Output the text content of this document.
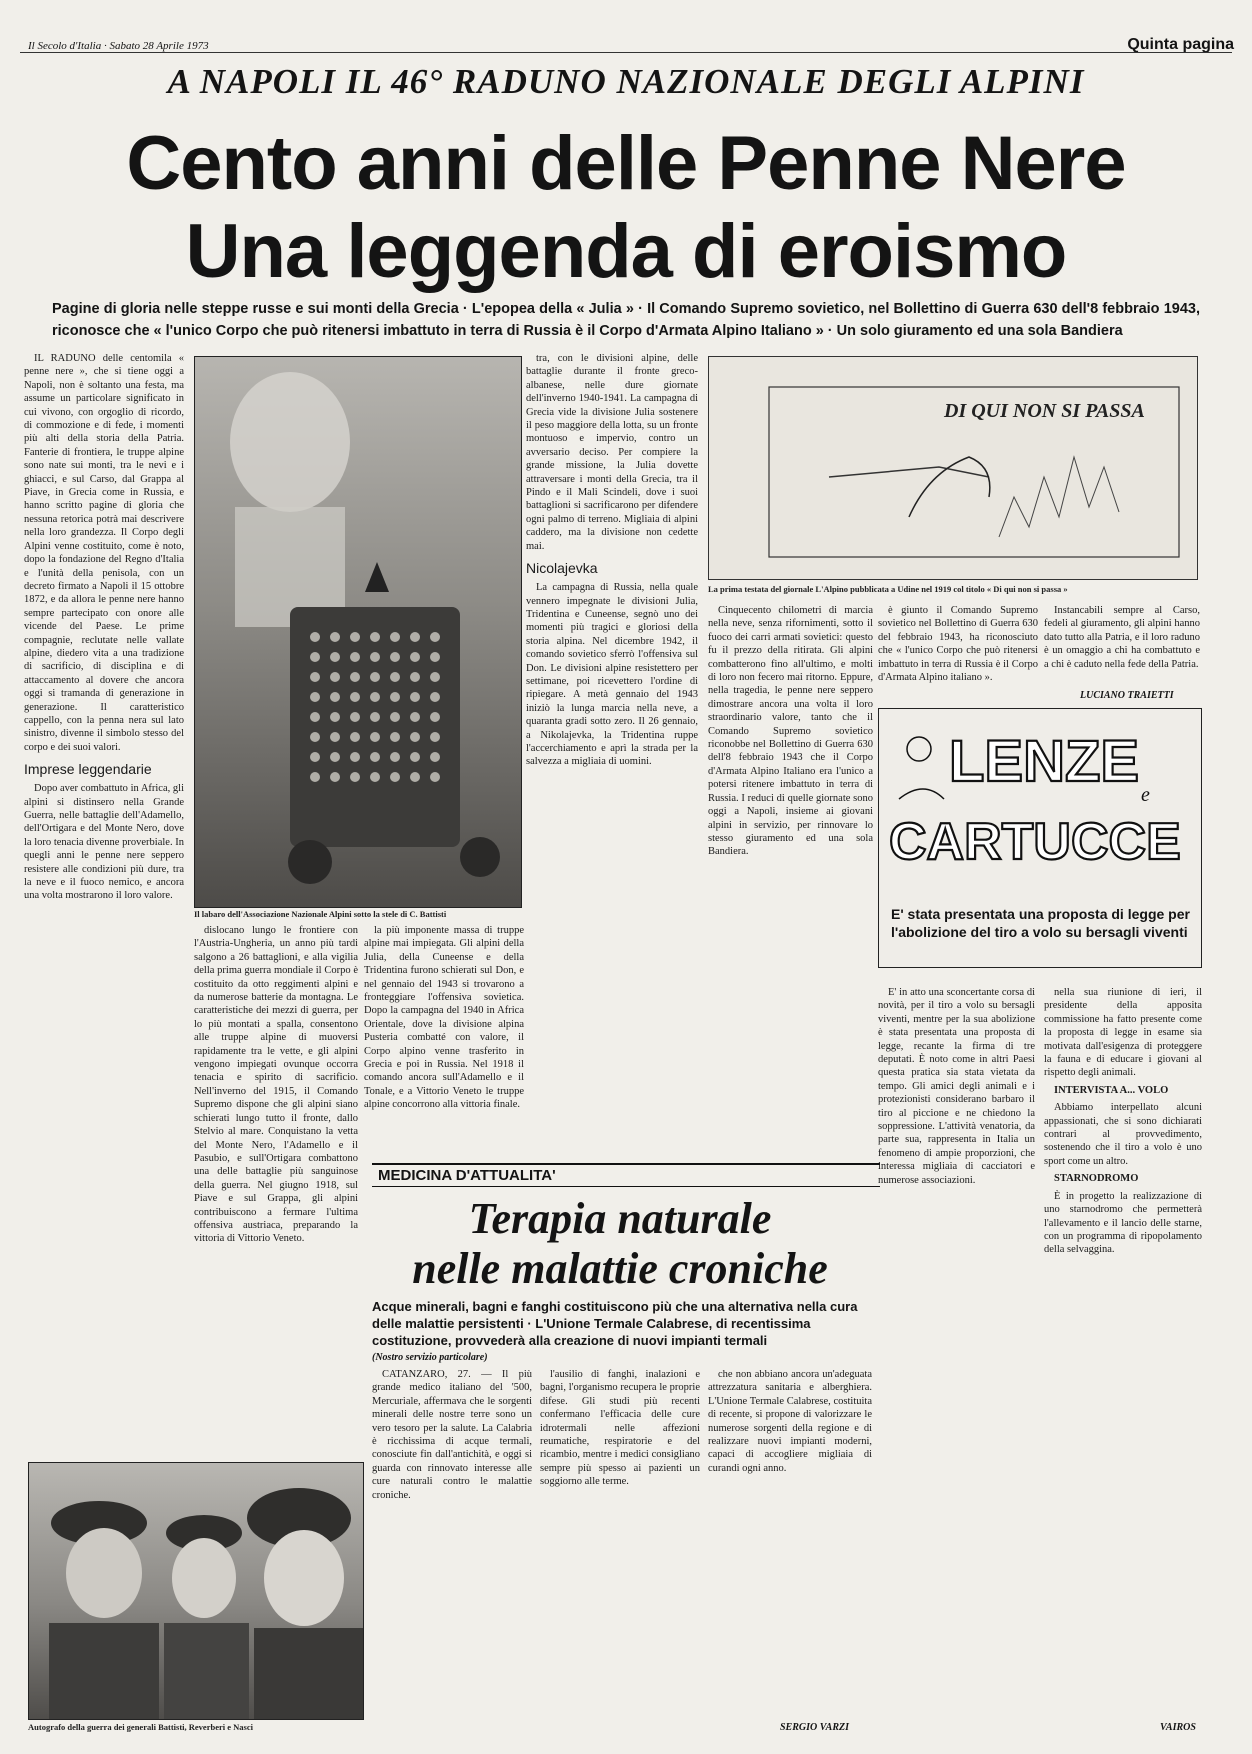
Il Secolo d'Italia · Sabato 28 Aprile 1973	Quinta pagina
A NAPOLI IL 46° RADUNO NAZIONALE DEGLI ALPINI
Cento anni delle Penne Nere
Una leggenda di eroismo
Pagine di gloria nelle steppe russe e sui monti della Grecia · L'epopea della « Julia » · Il Comando Supremo sovietico, nel Bollettino di Guerra 630 dell'8 febbraio 1943, riconosce che « l'unico Corpo che può ritenersi imbattuto in terra di Russia è il Corpo d'Armata Alpino Italiano » · Un solo giuramento ed una sola Bandiera

IL RADUNO delle centomila « penne nere », che si tiene oggi a Napoli, non è soltanto una festa, ma assume un particolare significato in cui vivono, con orgoglio di ricordo, di commozione e di fede, i momenti più alti della storia della Patria. Fanterie di frontiera, le truppe alpine sono nate sui monti, tra le nevi e i ghiacci, e sul Carso, dal Grappa al Piave, in Grecia come in Russia, e hanno scritto pagine di gloria che nessuna retorica potrà mai descrivere nella loro grandezza. Il Corpo degli Alpini venne costituito, come è noto, dopo la fondazione del Regno d'Italia e l'unità della penisola, con un decreto firmato a Napoli il 15 ottobre 1872, e da allora le penne nere hanno sempre partecipato con onore alle vicende del Paese. Le prime compagnie, reclutate nelle vallate alpine, diedero vita a una tradizione di sacrificio, di disciplina e di attaccamento al dovere che ancora oggi si tramanda di generazione in generazione. Il caratteristico cappello, con la penna nera sul lato sinistro, divenne il simbolo stesso del corpo e dei suoi valori.

Imprese leggendarie

Dopo aver combattuto in Africa, gli alpini si distinsero nella Grande Guerra, nelle battaglie dell'Adamello, dell'Ortigara e del Monte Nero, dove la loro tenacia divenne proverbiale. In quegli anni le penne nere seppero resistere alle condizioni più dure, tra la neve e il fuoco nemico, e ancora una volta mostrarono il loro valore.

Il labaro dell'Associazione Nazionale Alpini sotto la stele di C. Battisti

dislocano lungo le frontiere con l'Austria-Ungheria, un anno più tardi salgono a 26 battaglioni, e alla vigilia della prima guerra mondiale il Corpo è costituito da otto reggimenti alpini e da numerose batterie da montagna. Le caratteristiche dei mezzi di guerra, per lo più montati a spalla, consentono alle truppe alpine di muoversi rapidamente tra le vette, e gli alpini vengono impiegati ovunque occorra tenacia e spirito di sacrificio. Nell'inverno del 1915, il Comando Supremo dispone che gli alpini siano schierati lungo tutto il fronte, dallo Stelvio al mare. Conquistano la vetta del Monte Nero, l'Adamello e il Pasubio, e sull'Ortigara combattono una delle battaglie più sanguinose della guerra. Nel giugno 1918, sul Piave e sul Grappa, gli alpini contribuiscono a fermare l'ultima offensiva austriaca, preparando la vittoria di Vittorio Veneto.

la più imponente massa di truppe alpine mai impiegata. Gli alpini della Julia, della Cuneense e della Tridentina furono schierati sul Don, e nel gennaio del 1943 si trovarono a fronteggiare l'offensiva sovietica. Dopo la campagna del 1940 in Africa Orientale, dove la divisione alpina Pusteria combatté con valore, il Corpo alpino venne trasferito in Grecia e poi in Russia. Nel 1918 il comando ancora sull'Adamello e il Tonale, e a Vittorio Veneto le truppe alpine concorrono alla vittoria finale.

tra, con le divisioni alpine, delle battaglie durante il fronte greco-albanese, nelle dure giornate dell'inverno 1940-1941. La campagna di Grecia vide la divisione Julia sostenere il peso maggiore della lotta, su un fronte montuoso e impervio, contro un avversario deciso. Per compiere la grande missione, la Julia dovette attraversare i monti della Grecia, tra il Pindo e il Mali Scindeli, dove i suoi battaglioni si sacrificarono per difendere ogni palmo di terreno. Migliaia di alpini caddero, ma la divisione non cedette mai.

Nicolajevka

La campagna di Russia, nella quale vennero impegnate le divisioni Julia, Tridentina e Cuneense, segnò uno dei momenti più tragici e gloriosi della storia alpina. Nel dicembre 1942, il comando sovietico sferrò l'offensiva sul Don. Le divisioni alpine resistettero per settimane, poi ricevettero l'ordine di ripiegare. A metà gennaio del 1943 iniziò la lunga marcia nella neve, a quaranta gradi sotto zero. Il 26 gennaio, a Nikolajevka, la Tridentina ruppe l'accerchiamento e aprì la strada per la salvezza a migliaia di uomini.

DI QUI NON SI PASSA
La prima testata del giornale L'Alpino pubblicata a Udine nel 1919 col titolo « Di qui non si passa »

Cinquecento chilometri di marcia nella neve, senza rifornimenti, sotto il fuoco dei carri armati sovietici: questo fu il prezzo della ritirata. Gli alpini combatterono fino all'ultimo, e molti di loro non fecero mai ritorno. Eppure, nella tragedia, le penne nere seppero dimostrare ancora una volta il loro straordinario valore, tanto che il Comando Supremo sovietico riconobbe nel Bollettino di Guerra 630 dell'8 febbraio 1943 che il Corpo d'Armata Alpino Italiano era l'unico a potersi ritenere imbattuto in terra di Russia. I reduci di quelle giornate sono oggi a Napoli, insieme ai giovani alpini in servizio, per rinnovare lo stesso giuramento ed una sola Bandiera.

è giunto il Comando Supremo sovietico nel Bollettino di Guerra 630 del febbraio 1943, ha riconosciuto che « l'unico Corpo che può ritenersi imbattuto in terra di Russia è il Corpo d'Armata Alpino italiano ».

Instancabili sempre al Carso, fedeli al giuramento, gli alpini hanno dato tutto alla Patria, e il loro raduno è un omaggio a chi ha combattuto e a chi è caduto nella fede della Patria.

LUCIANO TRAIETTI
LENZE
e
CARTUCCE
E' stata presentata una proposta di legge per l'abolizione del tiro a volo su bersagli viventi

E' in atto una sconcertante corsa di novità, per il tiro a volo su bersagli viventi, mentre per la sua abolizione è stata presentata una proposta di legge, recante la firma di tre deputati. È noto come in altri Paesi questa pratica sia stata vietata da tempo. Gli amici degli animali e i protezionisti considerano barbaro il tiro al piccione e ne chiedono la soppressione. L'attività venatoria, da parte sua, rappresenta in Italia un fenomeno di ampie proporzioni, che interessa migliaia di cacciatori e numerose associazioni.

nella sua riunione di ieri, il presidente della apposita commissione ha fatto presente come la proposta di legge in esame sia motivata dall'esigenza di proteggere la fauna e di educare i giovani al rispetto degli animali.

INTERVISTA A... VOLO

Abbiamo interpellato alcuni appassionati, che si sono dichiarati contrari al provvedimento, sostenendo che il tiro a volo è uno sport come un altro.

STARNODROMO

È in progetto la realizzazione di uno starnodromo che permetterà l'allevamento e il lancio delle starne, con un programma di ripopolamento della selvaggina.

VAIROS
MEDICINA D'ATTUALITA'
Terapia naturale
nelle malattie croniche
Acque minerali, bagni e fanghi costituiscono più che una alternativa nella cura delle malattie persistenti · L'Unione Termale Calabrese, di recentissima costituzione, provvederà alla creazione di nuovi impianti termali
(Nostro servizio particolare)

CATANZARO, 27. — Il più grande medico italiano del '500, Mercuriale, affermava che le sorgenti minerali delle nostre terre sono un vero tesoro per la salute. La Calabria è ricchissima di acque termali, conosciute fin dall'antichità, e oggi si guarda con rinnovato interesse alle cure naturali contro le malattie croniche.

l'ausilio di fanghi, inalazioni e bagni, l'organismo recupera le proprie difese. Gli studi più recenti confermano l'efficacia delle cure idrotermali nelle affezioni reumatiche, respiratorie e del ricambio, mentre i medici consigliano sempre più spesso ai pazienti un soggiorno alle terme.

che non abbiano ancora un'adeguata attrezzatura sanitaria e alberghiera. L'Unione Termale Calabrese, costituita di recente, si propone di valorizzare le numerose sorgenti della regione e di realizzare nuovi impianti moderni, capaci di accogliere migliaia di curandi ogni anno.

SERGIO VARZI
Autografo della guerra dei generali Battisti, Reverberi e Nasci
